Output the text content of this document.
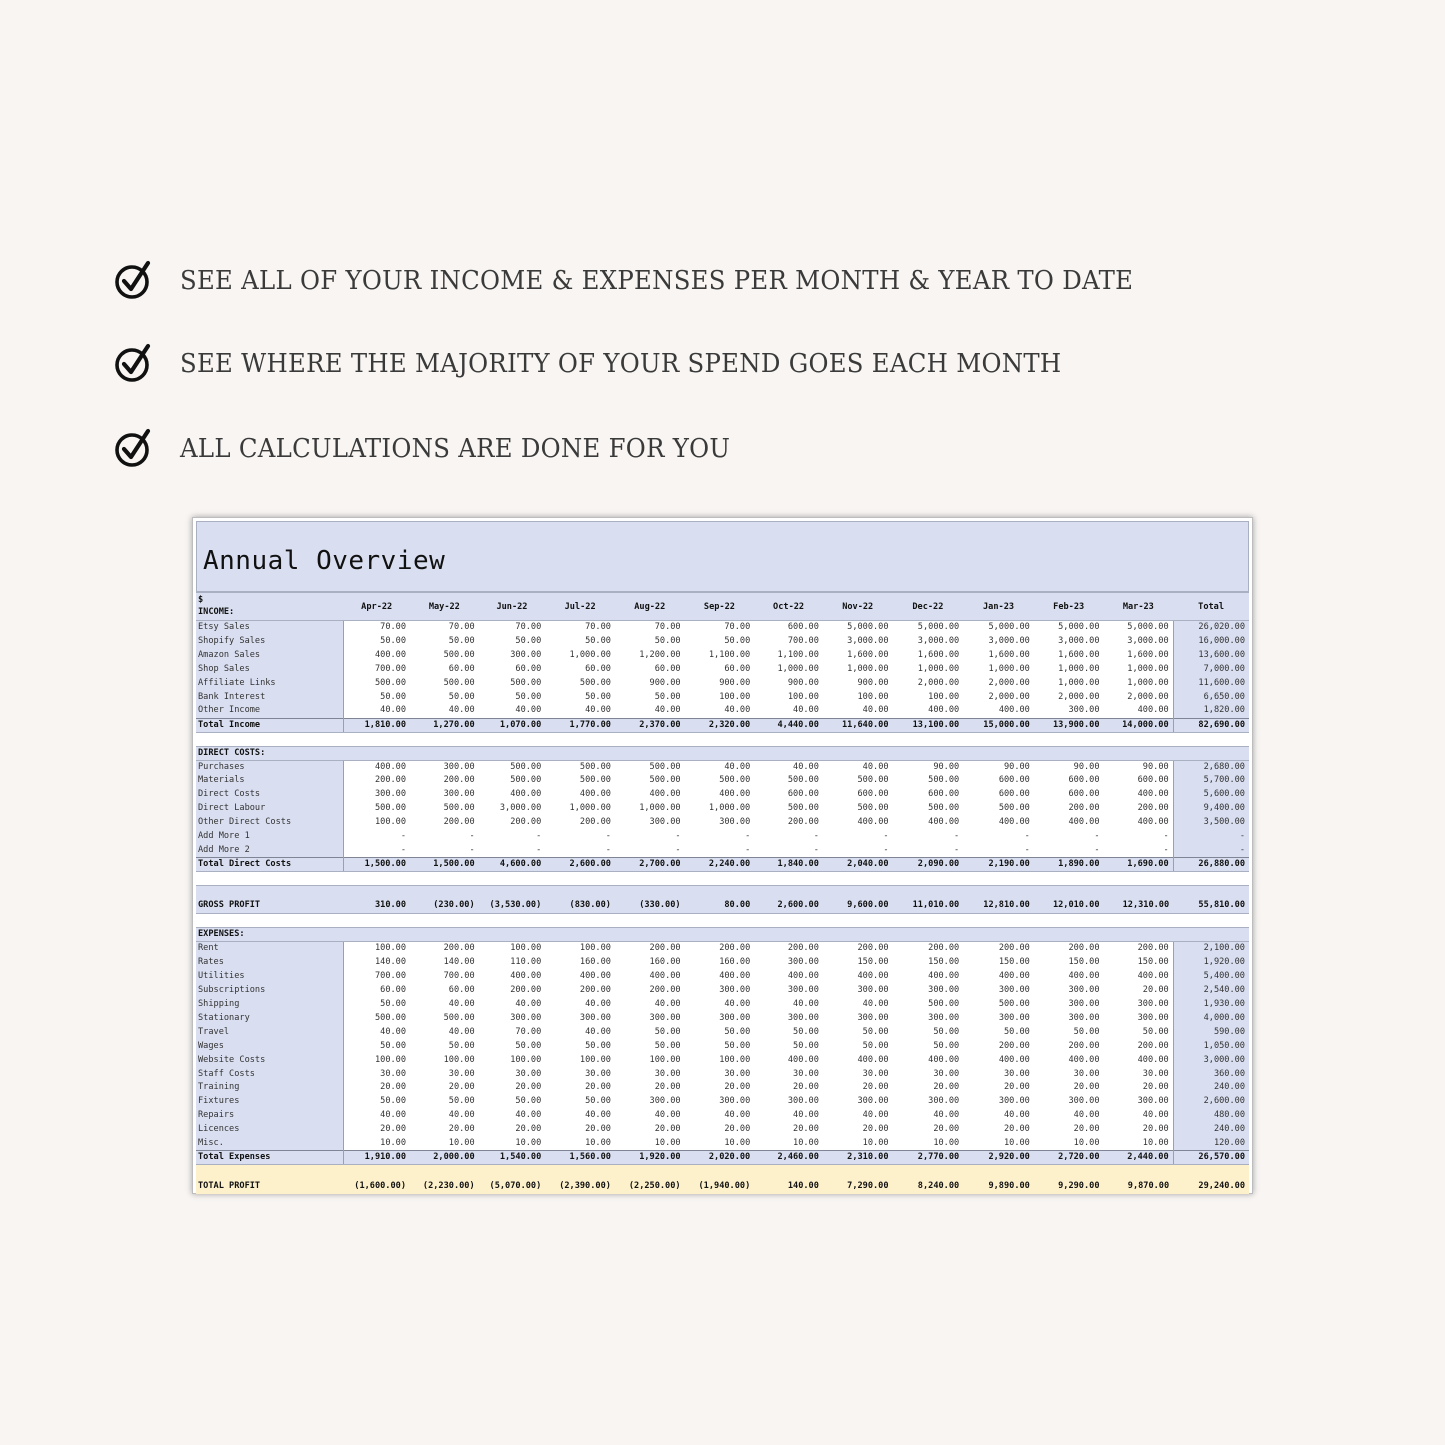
SEE ALL OF YOUR INCOME & EXPENSES PER MONTH & YEAR TO DATE
SEE WHERE THE MAJORITY OF YOUR SPEND GOES EACH MONTH
ALL CALCULATIONS ARE DONE FOR YOU
Annual Overview
$
INCOME:	Apr-22	May-22	Jun-22	Jul-22	Aug-22	Sep-22	Oct-22	Nov-22	Dec-22	Jan-23	Feb-23	Mar-23	Total
Etsy Sales	70.00	70.00	70.00	70.00	70.00	70.00	600.00	5,000.00	5,000.00	5,000.00	5,000.00	5,000.00	26,020.00
Shopify Sales	50.00	50.00	50.00	50.00	50.00	50.00	700.00	3,000.00	3,000.00	3,000.00	3,000.00	3,000.00	16,000.00
Amazon Sales	400.00	500.00	300.00	1,000.00	1,200.00	1,100.00	1,100.00	1,600.00	1,600.00	1,600.00	1,600.00	1,600.00	13,600.00
Shop Sales	700.00	60.00	60.00	60.00	60.00	60.00	1,000.00	1,000.00	1,000.00	1,000.00	1,000.00	1,000.00	7,000.00
Affiliate Links	500.00	500.00	500.00	500.00	900.00	900.00	900.00	900.00	2,000.00	2,000.00	1,000.00	1,000.00	11,600.00
Bank Interest	50.00	50.00	50.00	50.00	50.00	100.00	100.00	100.00	100.00	2,000.00	2,000.00	2,000.00	6,650.00
Other Income	40.00	40.00	40.00	40.00	40.00	40.00	40.00	40.00	400.00	400.00	300.00	400.00	1,820.00
Total Income	1,810.00	1,270.00	1,070.00	1,770.00	2,370.00	2,320.00	4,440.00	11,640.00	13,100.00	15,000.00	13,900.00	14,000.00	82,690.00

DIRECT COSTS:													
Purchases	400.00	300.00	500.00	500.00	500.00	40.00	40.00	40.00	90.00	90.00	90.00	90.00	2,680.00
Materials	200.00	200.00	500.00	500.00	500.00	500.00	500.00	500.00	500.00	600.00	600.00	600.00	5,700.00
Direct Costs	300.00	300.00	400.00	400.00	400.00	400.00	600.00	600.00	600.00	600.00	600.00	400.00	5,600.00
Direct Labour	500.00	500.00	3,000.00	1,000.00	1,000.00	1,000.00	500.00	500.00	500.00	500.00	200.00	200.00	9,400.00
Other Direct Costs	100.00	200.00	200.00	200.00	300.00	300.00	200.00	400.00	400.00	400.00	400.00	400.00	3,500.00
Add More 1	-	-	-	-	-	-	-	-	-	-	-	-	-
Add More 2	-	-	-	-	-	-	-	-	-	-	-	-	-
Total Direct Costs	1,500.00	1,500.00	4,600.00	2,600.00	2,700.00	2,240.00	1,840.00	2,040.00	2,090.00	2,190.00	1,890.00	1,690.00	26,880.00

GROSS PROFIT	310.00	(230.00)	(3,530.00)	(830.00)	(330.00)	80.00	2,600.00	9,600.00	11,010.00	12,810.00	12,010.00	12,310.00	55,810.00

EXPENSES:													
Rent	100.00	200.00	100.00	100.00	200.00	200.00	200.00	200.00	200.00	200.00	200.00	200.00	2,100.00
Rates	140.00	140.00	110.00	160.00	160.00	160.00	300.00	150.00	150.00	150.00	150.00	150.00	1,920.00
Utilities	700.00	700.00	400.00	400.00	400.00	400.00	400.00	400.00	400.00	400.00	400.00	400.00	5,400.00
Subscriptions	60.00	60.00	200.00	200.00	200.00	300.00	300.00	300.00	300.00	300.00	300.00	20.00	2,540.00
Shipping	50.00	40.00	40.00	40.00	40.00	40.00	40.00	40.00	500.00	500.00	300.00	300.00	1,930.00
Stationary	500.00	500.00	300.00	300.00	300.00	300.00	300.00	300.00	300.00	300.00	300.00	300.00	4,000.00
Travel	40.00	40.00	70.00	40.00	50.00	50.00	50.00	50.00	50.00	50.00	50.00	50.00	590.00
Wages	50.00	50.00	50.00	50.00	50.00	50.00	50.00	50.00	50.00	200.00	200.00	200.00	1,050.00
Website Costs	100.00	100.00	100.00	100.00	100.00	100.00	400.00	400.00	400.00	400.00	400.00	400.00	3,000.00
Staff Costs	30.00	30.00	30.00	30.00	30.00	30.00	30.00	30.00	30.00	30.00	30.00	30.00	360.00
Training	20.00	20.00	20.00	20.00	20.00	20.00	20.00	20.00	20.00	20.00	20.00	20.00	240.00
Fixtures	50.00	50.00	50.00	50.00	300.00	300.00	300.00	300.00	300.00	300.00	300.00	300.00	2,600.00
Repairs	40.00	40.00	40.00	40.00	40.00	40.00	40.00	40.00	40.00	40.00	40.00	40.00	480.00
Licences	20.00	20.00	20.00	20.00	20.00	20.00	20.00	20.00	20.00	20.00	20.00	20.00	240.00
Misc.	10.00	10.00	10.00	10.00	10.00	10.00	10.00	10.00	10.00	10.00	10.00	10.00	120.00
Total Expenses	1,910.00	2,000.00	1,540.00	1,560.00	1,920.00	2,020.00	2,460.00	2,310.00	2,770.00	2,920.00	2,720.00	2,440.00	26,570.00
TOTAL PROFIT	(1,600.00)	(2,230.00)	(5,070.00)	(2,390.00)	(2,250.00)	(1,940.00)	140.00	7,290.00	8,240.00	9,890.00	9,290.00	9,870.00	29,240.00
